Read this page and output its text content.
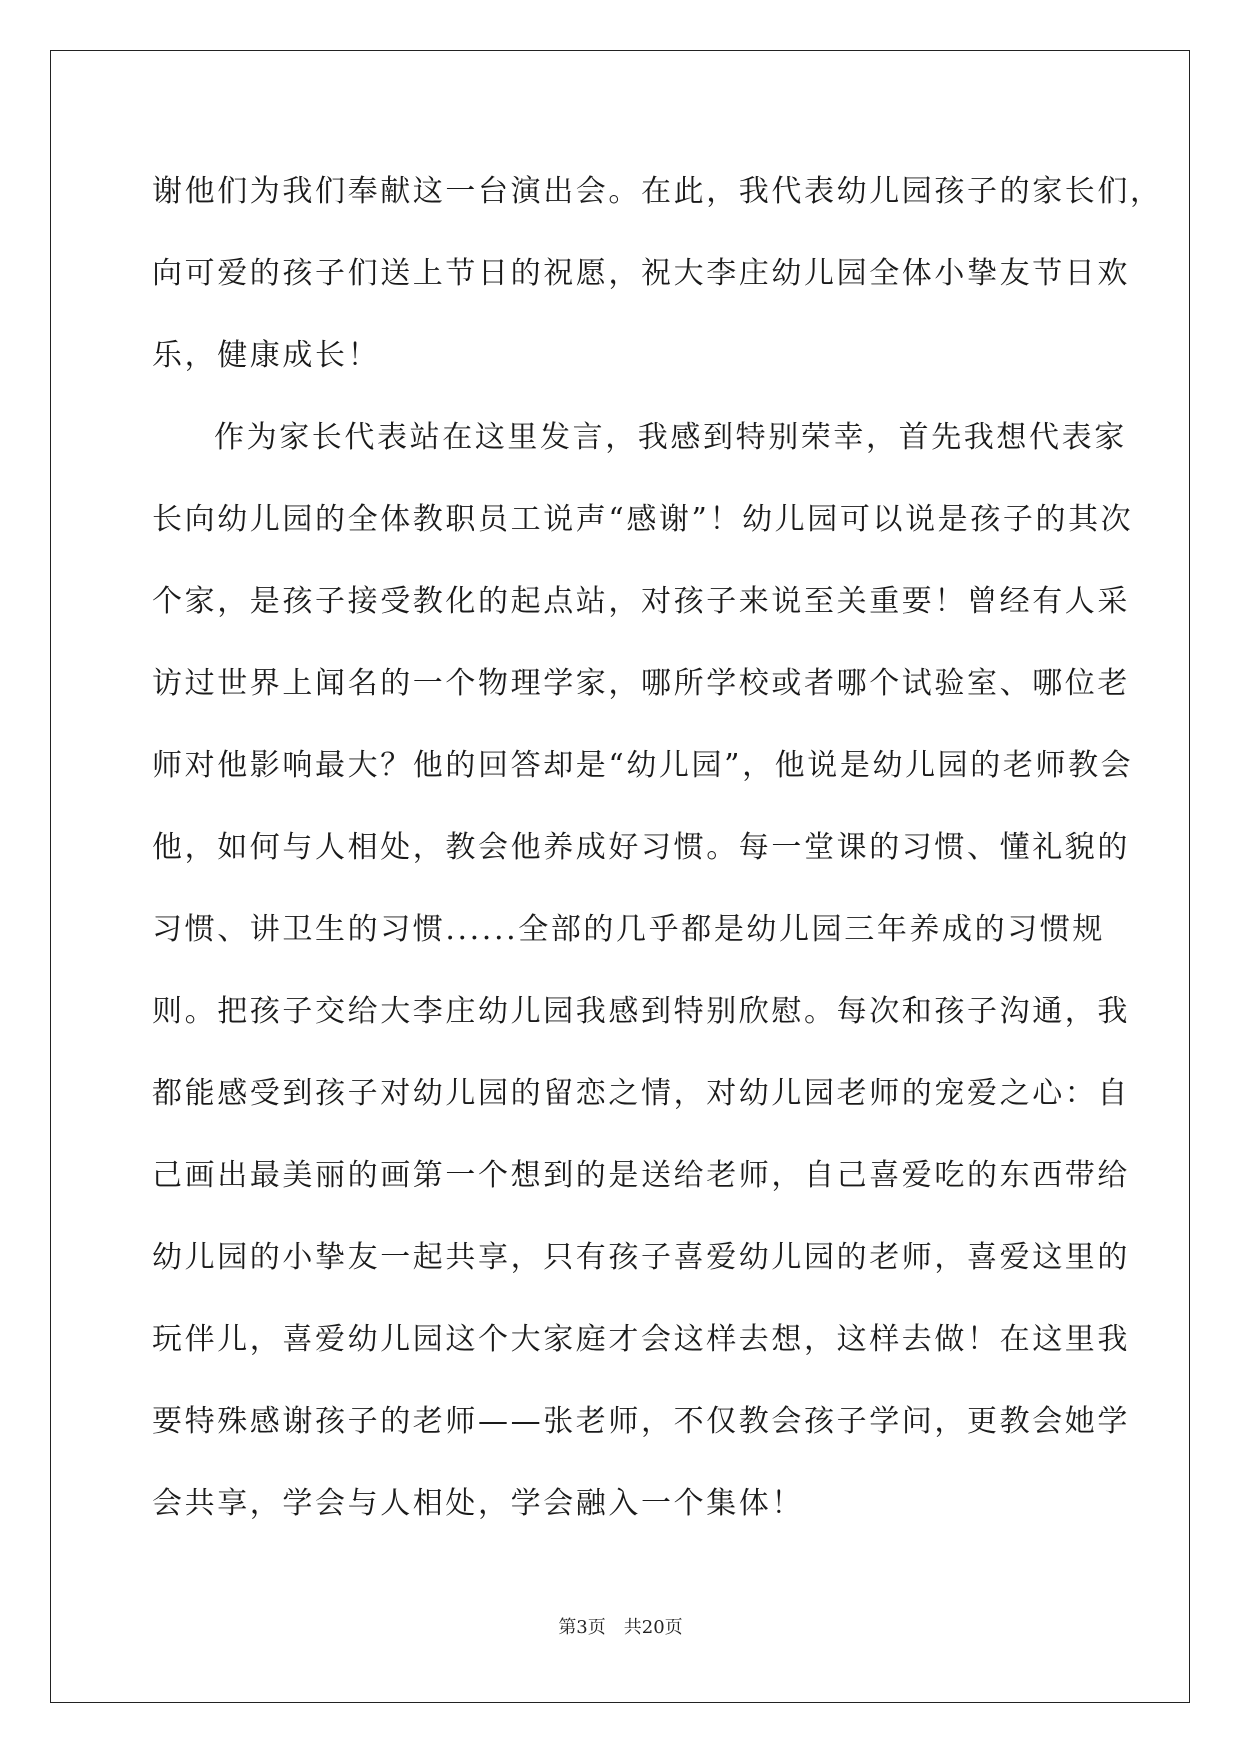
谢他们为我们奉献这一台演出会。在此，我代表幼儿园孩子的家长们，
向可爱的孩子们送上节日的祝愿，祝大李庄幼儿园全体小挚友节日欢
乐，健康成长！

作为家长代表站在这里发言，我感到特别荣幸，首先我想代表家
长向幼儿园的全体教职员工说声“感谢”！幼儿园可以说是孩子的其次
个家，是孩子接受教化的起点站，对孩子来说至关重要！曾经有人采
访过世界上闻名的一个物理学家，哪所学校或者哪个试验室、哪位老
师对他影响最大？他的回答却是“幼儿园”，他说是幼儿园的老师教会
他，如何与人相处，教会他养成好习惯。每一堂课的习惯、懂礼貌的
习惯、讲卫生的习惯......全部的几乎都是幼儿园三年养成的习惯规
则。把孩子交给大李庄幼儿园我感到特别欣慰。每次和孩子沟通，我
都能感受到孩子对幼儿园的留恋之情，对幼儿园老师的宠爱之心：自
己画出最美丽的画第一个想到的是送给老师，自己喜爱吃的东西带给
幼儿园的小挚友一起共享，只有孩子喜爱幼儿园的老师，喜爱这里的
玩伴儿，喜爱幼儿园这个大家庭才会这样去想，这样去做！在这里我
要特殊感谢孩子的老师——张老师，不仅教会孩子学问，更教会她学
会共享，学会与人相处，学会融入一个集体！

第3页 共20页
